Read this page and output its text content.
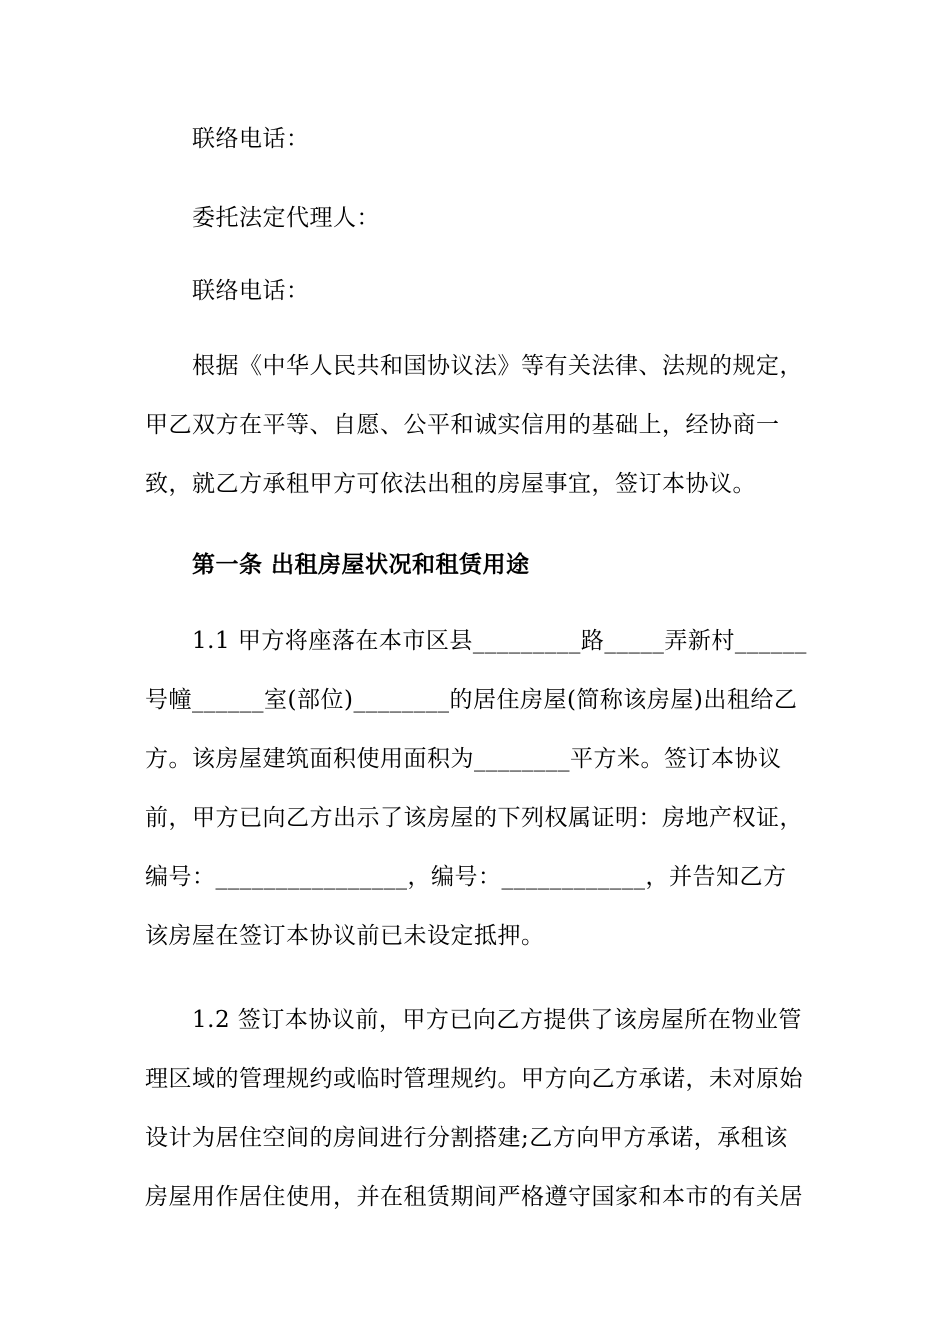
联络电话：
委托法定代理人：
联络电话：
根据《中华人民共和国协议法》等有关法律、法规的规定，甲乙双方在平等、自愿、公平和诚实信用的基础上，经协商一致，就乙方承租甲方可依法出租的房屋事宜，签订本协议。
第一条 出租房屋状况和租赁用途
1.1 甲方将座落在本市区县_________路_____弄新村______号幢______室(部位)________的居住房屋(简称该房屋)出租给乙方。该房屋建筑面积使用面积为________平方米。签订本协议前，甲方已向乙方出示了该房屋的下列权属证明：房地产权证，编号：________________，编号：____________，并告知乙方该房屋在签订本协议前已未设定抵押。
1.2 签订本协议前，甲方已向乙方提供了该房屋所在物业管理区域的管理规约或临时管理规约。甲方向乙方承诺，未对原始设计为居住空间的房间进行分割搭建;乙方向甲方承诺，承租该房屋用作居住使用，并在租赁期间严格遵守国家和本市的有关居
